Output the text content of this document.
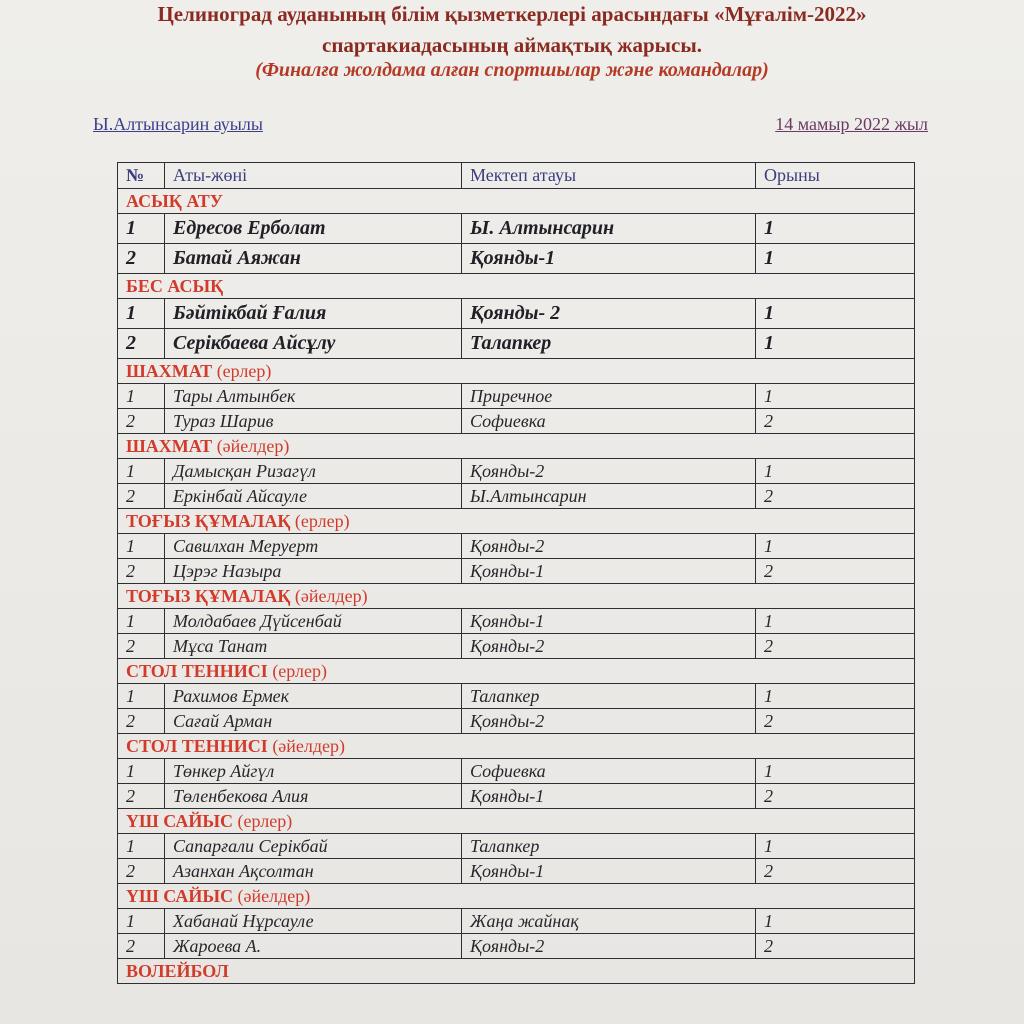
Целиноград ауданының білім қызметкерлері арасындағы «Мұғалім-2022»
спартакиадасының аймақтық жарысы.
(Финалға жолдама алған спортшылар және командалар)
Ы.Алтынсарин ауылы	14 мамыр 2022 жыл
№	Аты-жөні	Мектеп атауы	Орыны
АСЫҚ АТУ			
1	Едресов Ерболат	Ы. Алтынсарин	1
2	Батай Аяжан	Қоянды-1	1
БЕС АСЫҚ			
1	Бәйтікбай Ғалия	Қоянды- 2	1
2	Серікбаева Айсұлу	Талапкер	1
ШАХМАТ (ерлер)			
1	Тары Алтынбек	Приречное	1
2	Тураз Шарив	Софиевка	2
ШАХМАТ (әйелдер)			
1	Дамысқан Ризагүл	Қоянды-2	1
2	Еркінбай Айсауле	Ы.Алтынсарин	2
ТОҒЫЗ ҚҰМАЛАҚ (ерлер)			
1	Савилхан Меруерт	Қоянды-2	1
2	Цэрэг Назыра	Қоянды-1	2
ТОҒЫЗ ҚҰМАЛАҚ (әйелдер)			
1	Молдабаев Дүйсенбай	Қоянды-1	1
2	Мұса Танат	Қоянды-2	2
СТОЛ ТЕННИСІ (ерлер)			
1	Рахимов Ермек	Талапкер	1
2	Сағай Арман	Қоянды-2	2
СТОЛ ТЕННИСІ (әйелдер)			
1	Төнкер Айгүл	Софиевка	1
2	Төленбекова Алия	Қоянды-1	2
ҮШ САЙЫС (ерлер)			
1	Сапарғали Серікбай	Талапкер	1
2	Азанхан Ақсолтан	Қоянды-1	2
ҮШ САЙЫС (әйелдер)			
1	Хабанай Нұрсауле	Жаңа жайнақ	1
2	Жароева А.	Қоянды-2	2
ВОЛЕЙБОЛ			
